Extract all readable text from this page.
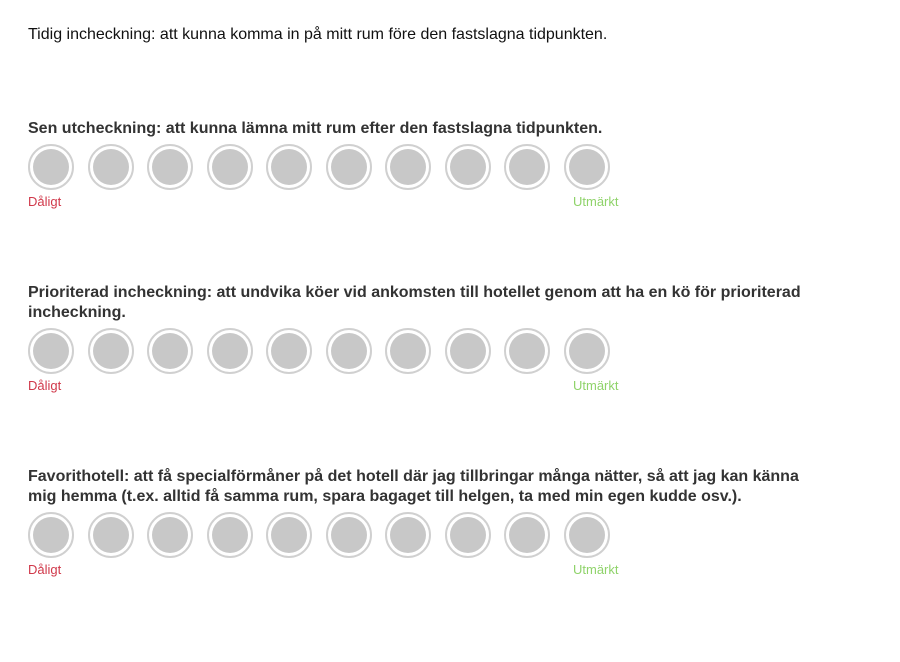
Tidig incheckning: att kunna komma in på mitt rum före den fastslagna tidpunkten.

Sen utcheckning: att kunna lämna mitt rum efter den fastslagna tidpunkten.

Dåligt	Utmärkt

Prioriterad incheckning: att undvika köer vid ankomsten till hotellet genom att ha en kö för prioriterad incheckning.

Dåligt	Utmärkt

Favorithotell: att få specialförmåner på det hotell där jag tillbringar många nätter, så att jag kan känna mig hemma (t.ex. alltid få samma rum, spara bagaget till helgen, ta med min egen kudde osv.).

Dåligt	Utmärkt
